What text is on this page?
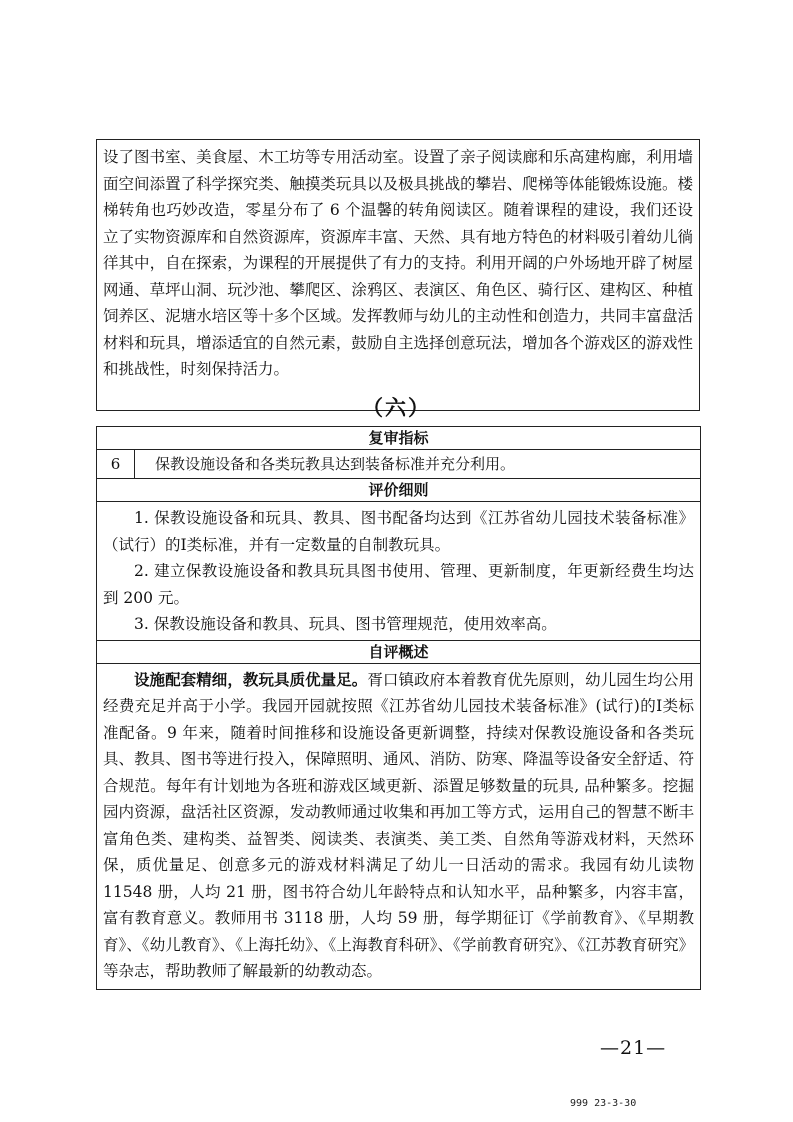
设了图书室、美食屋、木工坊等专用活动室。设置了亲子阅读廊和乐高建构廊，利用墙面空间添置了科学探究类、触摸类玩具以及极具挑战的攀岩、爬梯等体能锻炼设施。楼梯转角也巧妙改造，零星分布了 6 个温馨的转角阅读区。随着课程的建设，我们还设立了实物资源库和自然资源库，资源库丰富、天然、具有地方特色的材料吸引着幼儿徜徉其中，自在探索，为课程的开展提供了有力的支持。利用开阔的户外场地开辟了树屋网通、草坪山洞、玩沙池、攀爬区、涂鸦区、表演区、角色区、骑行区、建构区、种植饲养区、泥塘水培区等十多个区域。发挥教师与幼儿的主动性和创造力，共同丰富盘活材料和玩具，增添适宜的自然元素，鼓励自主选择创意玩法，增加各个游戏区的游戏性和挑战性，时刻保持活力。

（六）
复审指标
6	保教设施设备和各类玩教具达到装备标准并充分利用。
评价细则

1. 保教设施设备和玩具、教具、图书配备均达到《江苏省幼儿园技术装备标准》（试行）的Ⅰ类标准，并有一定数量的自制教玩具。

2. 建立保教设施设备和教具玩具图书使用、管理、更新制度，年更新经费生均达到 200 元。

3. 保教设施设备和教具、玩具、图书管理规范，使用效率高。

自评概述

设施配套精细，教玩具质优量足。胥口镇政府本着教育优先原则，幼儿园生均公用经费充足并高于小学。我园开园就按照《江苏省幼儿园技术装备标准》(试行)的Ⅰ类标准配备。9 年来，随着时间推移和设施设备更新调整，持续对保教设施设备和各类玩具、教具、图书等进行投入，保障照明、通风、消防、防寒、降温等设备安全舒适、符合规范。每年有计划地为各班和游戏区域更新、添置足够数量的玩具, 品种繁多。挖掘园内资源，盘活社区资源，发动教师通过收集和再加工等方式，运用自己的智慧不断丰富角色类、建构类、益智类、阅读类、表演类、美工类、自然角等游戏材料，天然环保，质优量足、创意多元的游戏材料满足了幼儿一日活动的需求。我园有幼儿读物 11548 册，人均 21 册，图书符合幼儿年龄特点和认知水平，品种繁多，内容丰富，富有教育意义。教师用书 3118 册，人均 59 册，每学期征订《学前教育》、《早期教育》、《幼儿教育》、《上海托幼》、《上海教育科研》、《学前教育研究》、《江苏教育研究》等杂志，帮助教师了解最新的幼教动态。

—21—
999 23-3-30
